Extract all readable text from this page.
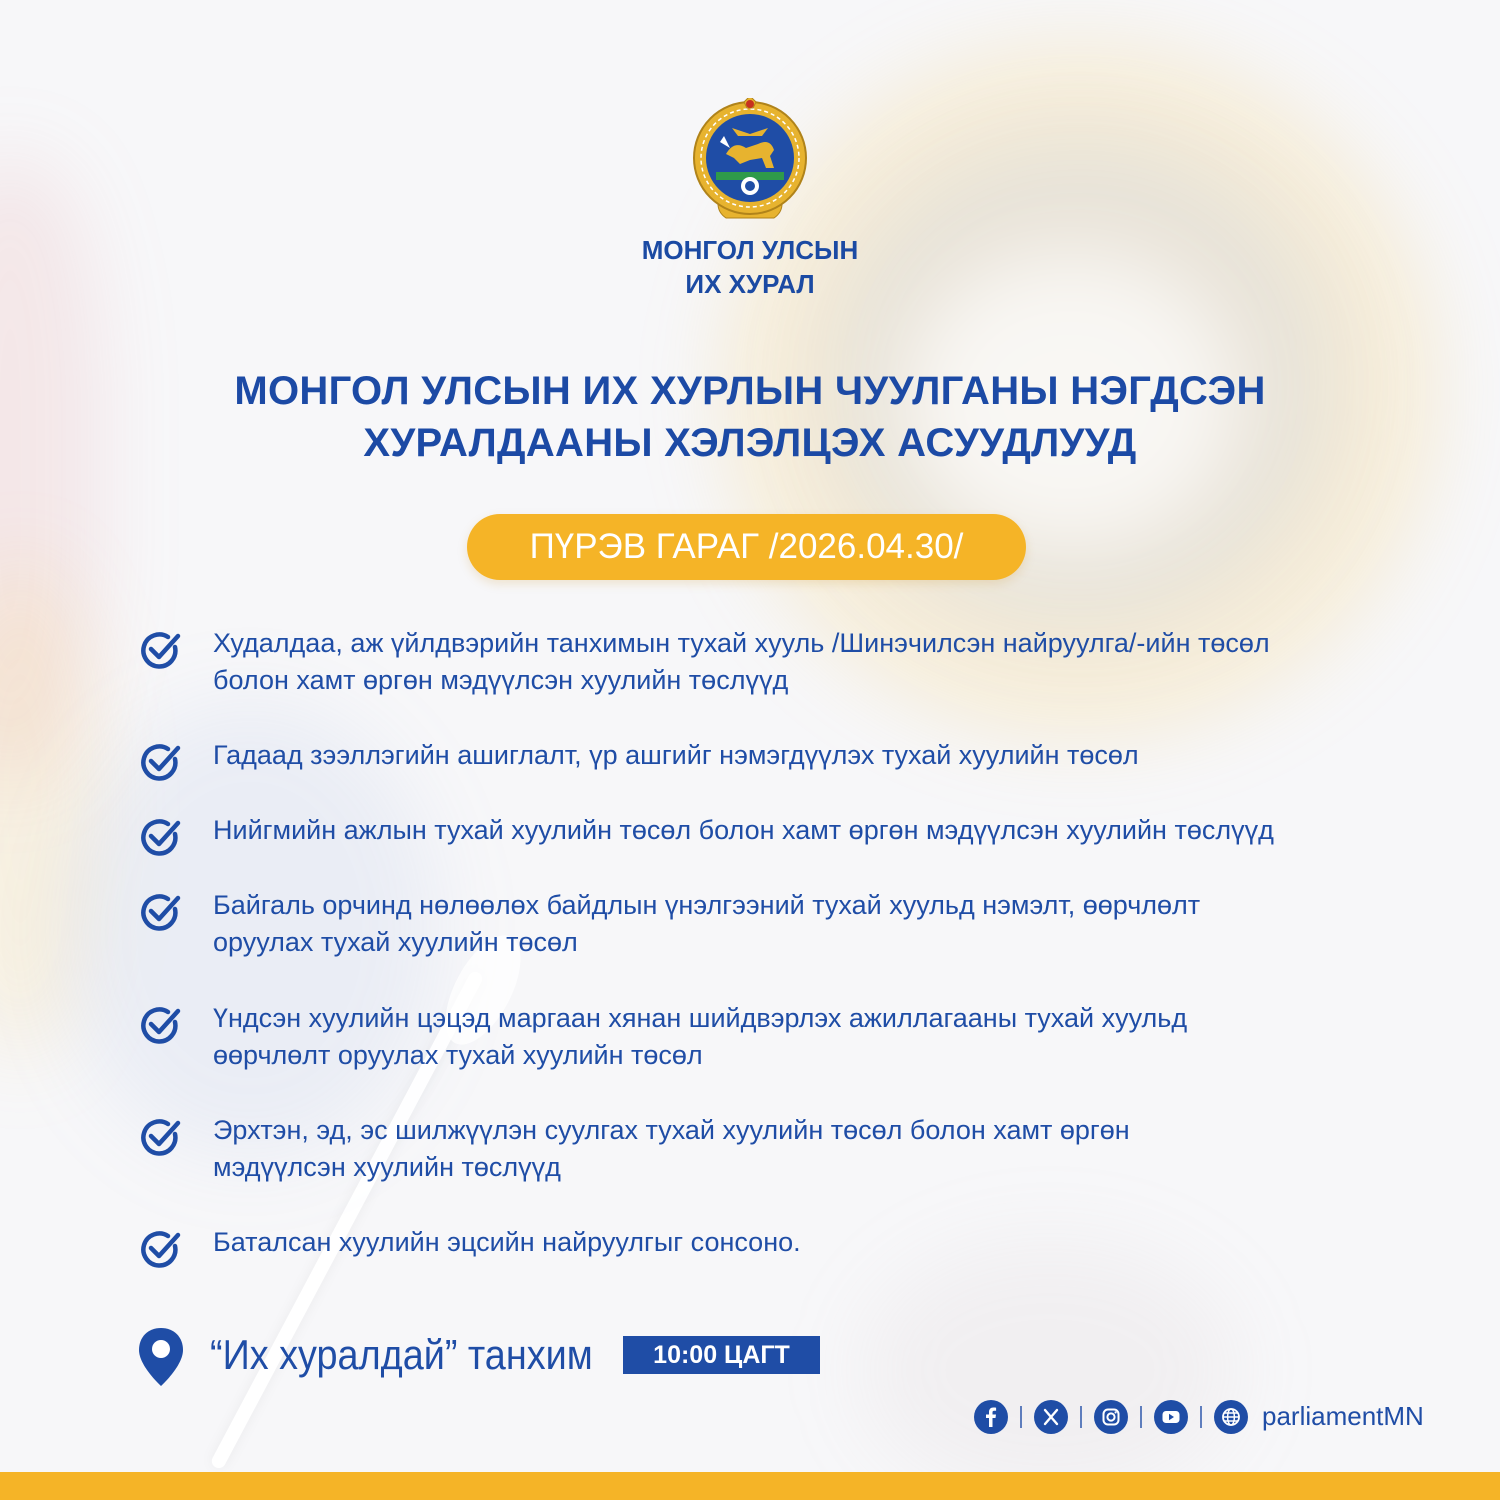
МОНГОЛ УЛСЫН
ИХ ХУРАЛ
МОНГОЛ УЛСЫН ИХ ХУРЛЫН ЧУУЛГАНЫ НЭГДСЭН
ХУРАЛДААНЫ ХЭЛЭЛЦЭХ АСУУДЛУУД
ПҮРЭВ ГАРАГ /2026.04.30/
Худалдаа, аж үйлдвэрийн танхимын тухай хууль /Шинэчилсэн найруулга/-ийн төсөл
болон хамт өргөн мэдүүлсэн хуулийн төслүүд
Гадаад зээллэгийн ашиглалт, үр ашгийг нэмэгдүүлэх тухай хуулийн төсөл
Нийгмийн ажлын тухай хуулийн төсөл болон хамт өргөн мэдүүлсэн хуулийн төслүүд
Байгаль орчинд нөлөөлөх байдлын үнэлгээний тухай хуульд нэмэлт, өөрчлөлт
оруулах тухай хуулийн төсөл
Үндсэн хуулийн цэцэд маргаан хянан шийдвэрлэх ажиллагааны тухай хуульд
өөрчлөлт оруулах тухай хуулийн төсөл
Эрхтэн, эд, эс шилжүүлэн суулгах тухай хуулийн төсөл болон хамт өргөн
мэдүүлсэн хуулийн төслүүд
Баталсан хуулийн эцсийн найруулгыг сонсоно.
“Их хуралдай” танхим	10:00 ЦАГТ
parliamentMN
